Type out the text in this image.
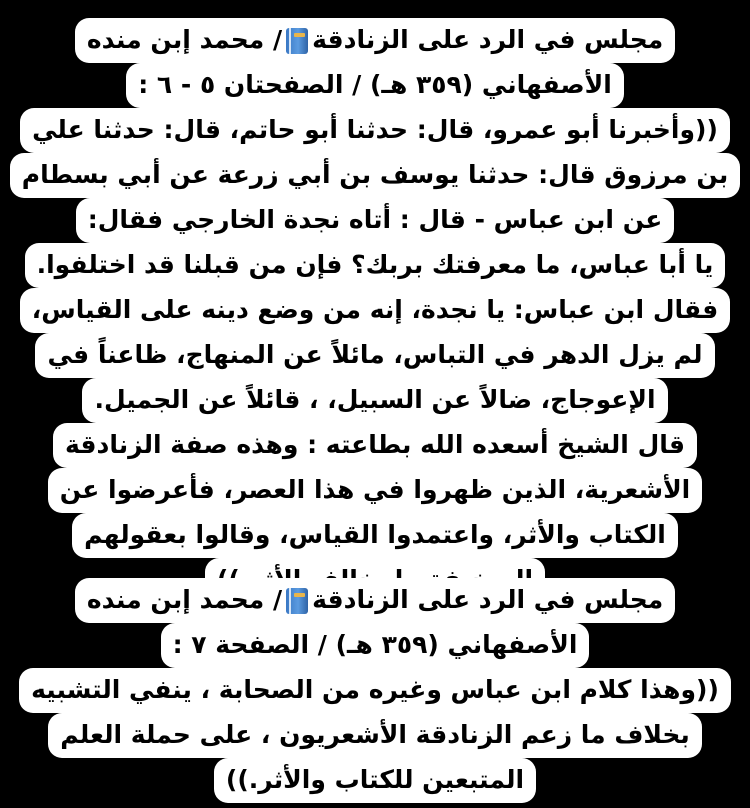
مجلس في الرد على الزنادقة
/ محمد إبن منده
الأصفهاني (٣٥٩ هـ) / الصفحتان ٥ - ٦ :
((وأخبرنا أبو عمرو، قال: حدثنا أبو حاتم، قال: حدثنا علي
بن مرزوق قال: حدثنا يوسف بن أبي زرعة عن أبي بسطام
عن ابن عباس - قال : أتاه نجدة الخارجي فقال:
يا أبا عباس، ما معرفتك بربك؟ فإن من قبلنا قد اختلفوا.
فقال ابن عباس: يا نجدة، إنه من وضع دينه على القياس،
لم يزل الدهر في التباس، مائلاً عن المنهاج، ظاعناً في
الإعوجاج، ضالاً عن السبيل، ، قائلاً عن الجميل.
قال الشيخ أسعده الله بطاعته : وهذه صفة الزنادقة
الأشعرية، الذين ظهروا في هذا العصر، فأعرضوا عن
الكتاب والأثر، واعتمدوا القياس، وقالوا بعقولهم
مجلس في الرد على الزنادقة
/ محمد إبن منده
الأصفهاني (٣٥٩ هـ) / الصفحة ٧ :
((وهذا كلام ابن عباس وغيره من الصحابة ، ينفي التشبيه
بخلاف ما زعم الزنادقة الأشعريون ، على حملة العلم
المتبعين للكتاب والأثر.))
